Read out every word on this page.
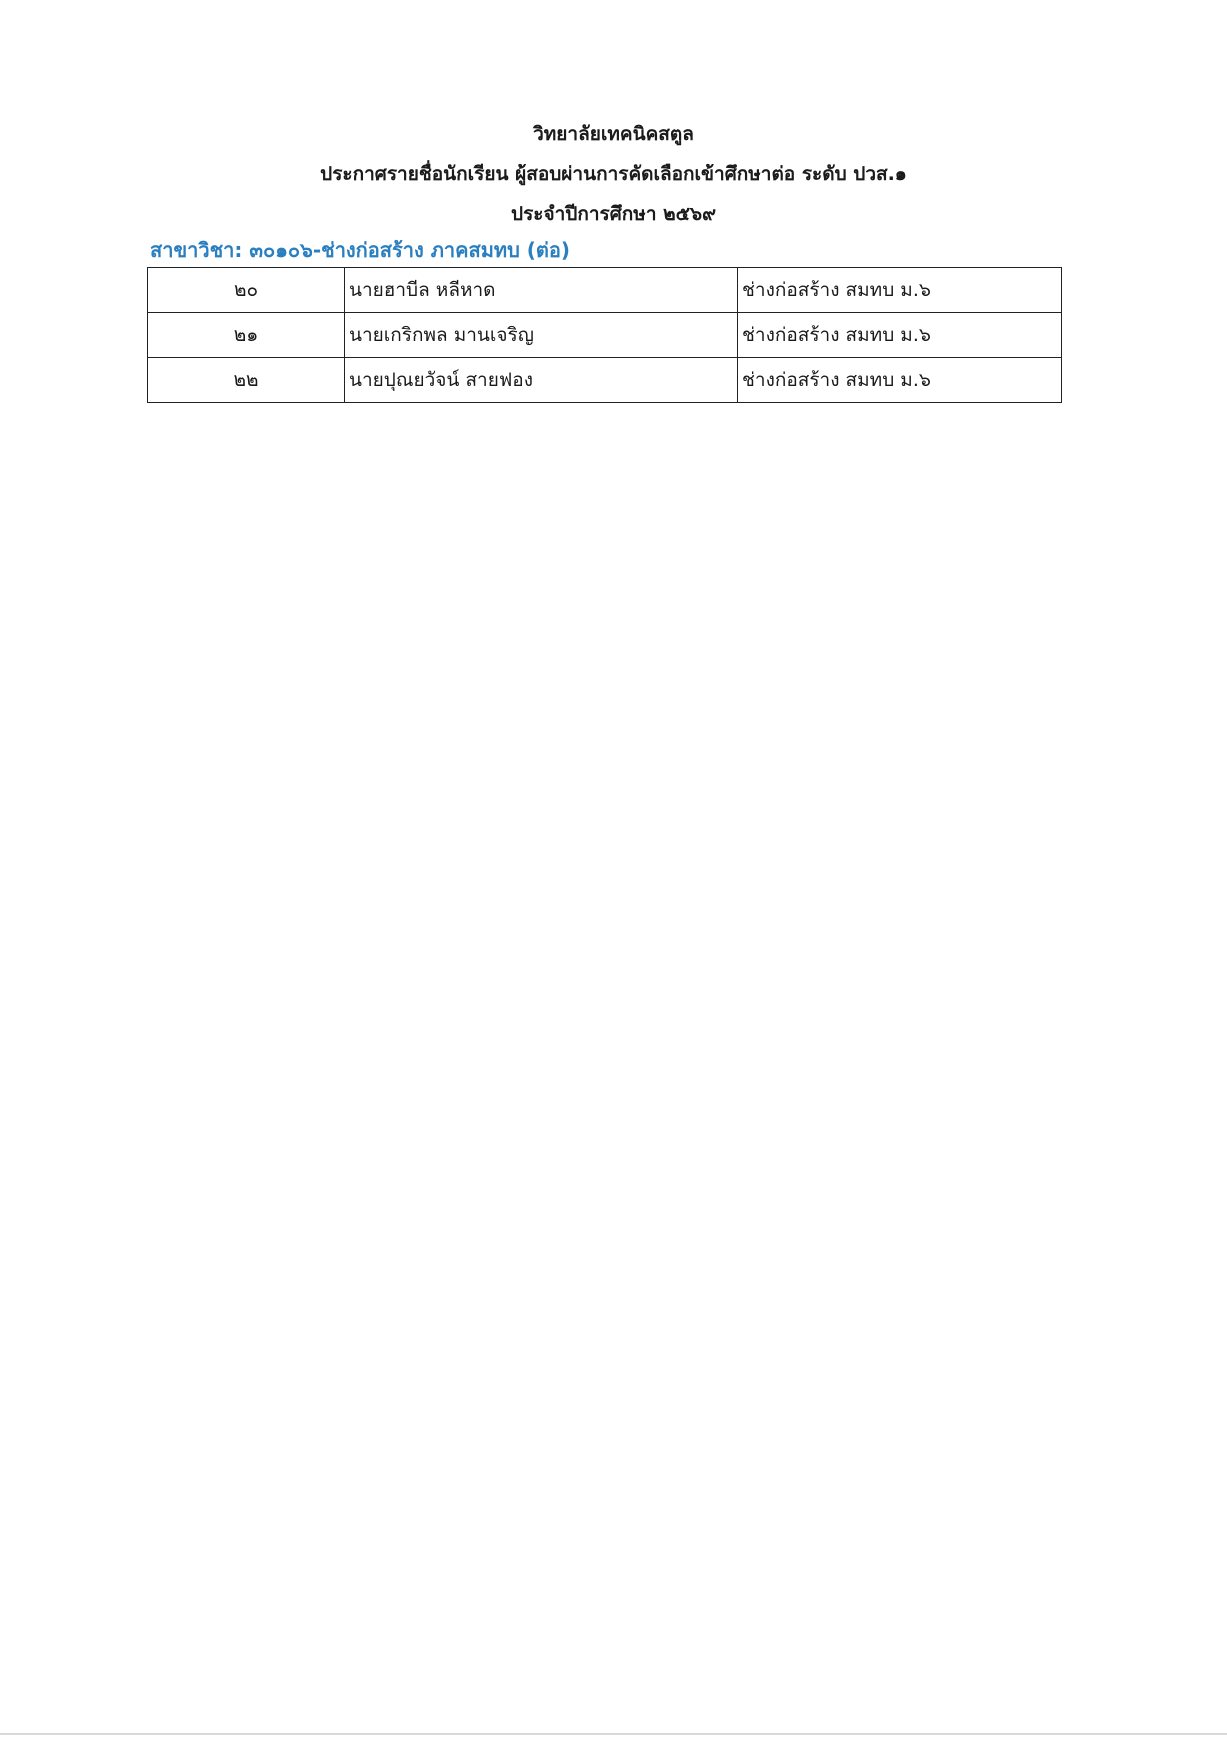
วิทยาลัยเทคนิคสตูล
ประกาศรายชื่อนักเรียน ผู้สอบผ่านการคัดเลือกเข้าศึกษาต่อ ระดับ ปวส.๑
ประจำปีการศึกษา ๒๕๖๙
สาขาวิชา: ๓๐๑๐๖-ช่างก่อสร้าง ภาคสมทบ (ต่อ)
๒๐	นายฮาบีล หลีหาด	ช่างก่อสร้าง สมทบ ม.๖
๒๑	นายเกริกพล มานเจริญ	ช่างก่อสร้าง สมทบ ม.๖
๒๒	นายปุณยวัจน์ สายฟอง	ช่างก่อสร้าง สมทบ ม.๖
